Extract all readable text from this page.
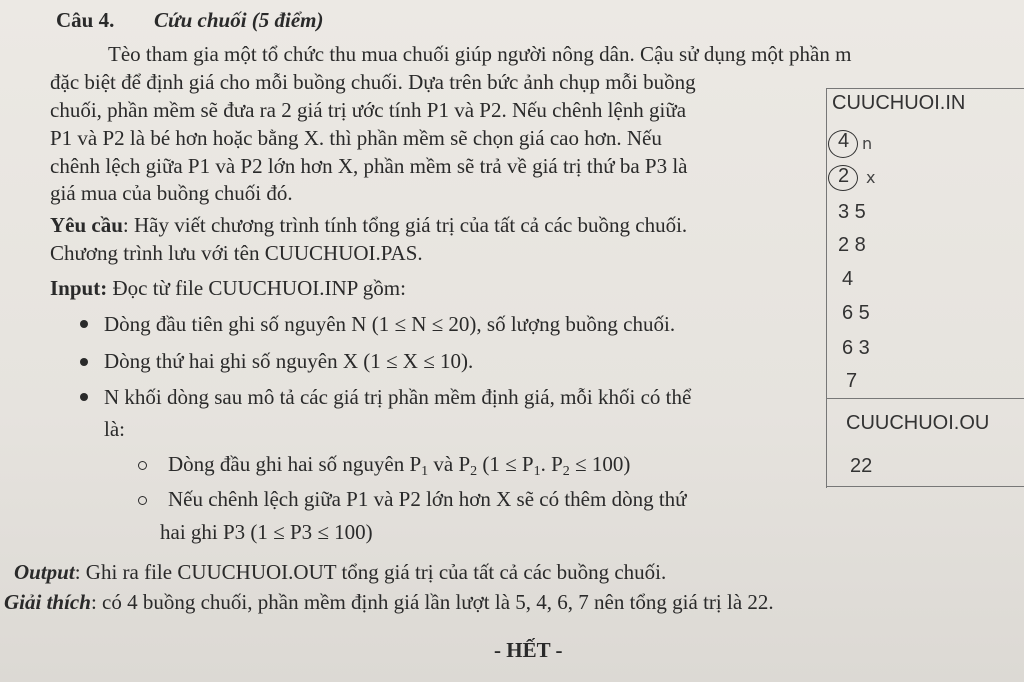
Câu 4. Cứu chuối (5 điểm)
Tèo tham gia một tổ chức thu mua chuối giúp người nông dân. Cậu sử dụng một phần m
đặc biệt để định giá cho mỗi buồng chuối. Dựa trên bức ảnh chụp mỗi buồng
chuối, phần mềm sẽ đưa ra 2 giá trị ước tính P1 và P2. Nếu chênh lệnh giữa
P1 và P2 là bé hơn hoặc bằng X. thì phần mềm sẽ chọn giá cao hơn. Nếu
chênh lệch giữa P1 và P2 lớn hơn X, phần mềm sẽ trả về giá trị thứ ba P3 là
giá mua của buồng chuối đó.
Yêu cầu: Hãy viết chương trình tính tổng giá trị của tất cả các buồng chuối.
Chương trình lưu với tên CUUCHUOI.PAS.
Input: Đọc từ file CUUCHUOI.INP gồm:
Dòng đầu tiên ghi số nguyên N (1 ≤ N ≤ 20), số lượng buồng chuối.
Dòng thứ hai ghi số nguyên X (1 ≤ X ≤ 10).
N khối dòng sau mô tả các giá trị phần mềm định giá, mỗi khối có thể
là:
Dòng đầu ghi hai số nguyên $P_1$ và $P_2$ ($1 \le P_1$. $P_2 \le 100$)
Nếu chênh lệch giữa P1 và P2 lớn hơn X sẽ có thêm dòng thứ
hai ghi P3 (1 ≤ P3 ≤ 100)
Output: Ghi ra file CUUCHUOI.OUT tổng giá trị của tất cả các buồng chuối.
Giải thích: có 4 buồng chuối, phần mềm định giá lần lượt là 5, 4, 6, 7 nên tổng giá trị là 22.
- HẾT -
CUUCHUOI.IN
4 n
2 x
3 5
2 8
4
6 5
6 3
7
CUUCHUOI.OU
22
